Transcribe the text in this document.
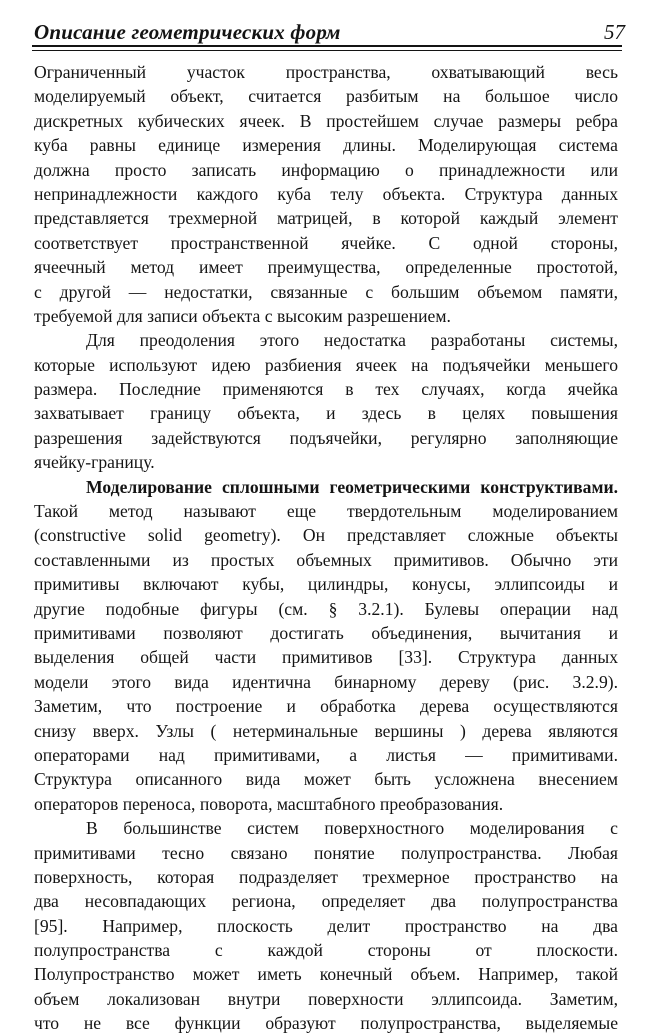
Описание геометрических форм	57
Ограниченный участок пространства, охватывающий весь
моделируемый объект, считается разбитым на большое число
дискретных кубических ячеек. В простейшем случае размеры ребра
куба равны единице измерения длины. Моделирующая система
должна просто записать информацию о принадлежности или
непринадлежности каждого куба телу объекта. Структура данных
представляется трехмерной матрицей, в которой каждый элемент
соответствует пространственной ячейке. С одной стороны,
ячеечный метод имеет преимущества, определенные простотой,
с другой — недостатки, связанные с большим объемом памяти,
требуемой для записи объекта с высоким разрешением.
Для преодоления этого недостатка разработаны системы,
которые используют идею разбиения ячеек на подъячейки меньшего
размера. Последние применяются в тех случаях, когда ячейка
захватывает границу объекта, и здесь в целях повышения
разрешения задействуются подъячейки, регулярно заполняющие
ячейку-границу.
Моделирование сплошными геометрическими конструктивами.
Такой метод называют еще твердотельным моделированием
(constructive solid geometry). Он представляет сложные объекты
составленными из простых объемных примитивов. Обычно эти
примитивы включают кубы, цилиндры, конусы, эллипсоиды и
другие подобные фигуры (см. § 3.2.1). Булевы операции над
примитивами позволяют достигать объединения, вычитания и
выделения общей части примитивов [33]. Структура данных
модели этого вида идентична бинарному дереву (рис. 3.2.9).
Заметим, что построение и обработка дерева осуществляются
снизу вверх. Узлы ( нетерминальные вершины ) дерева являются
операторами над примитивами, а листья — примитивами.
Структура описанного вида может быть усложнена внесением
операторов переноса, поворота, масштабного преобразования.
В большинстве систем поверхностного моделирования с
примитивами тесно связано понятие полупространства. Любая
поверхность, которая подразделяет трехмерное пространство на
два несовпадающих региона, определяет два полупространства
[95]. Например, плоскость делит пространство на два
полупространства с каждой стороны от плоскости.
Полупространство может иметь конечный объем. Например, такой
объем локализован внутри поверхности эллипсоида. Заметим,
что не все функции образуют полупространства, выделяемые
